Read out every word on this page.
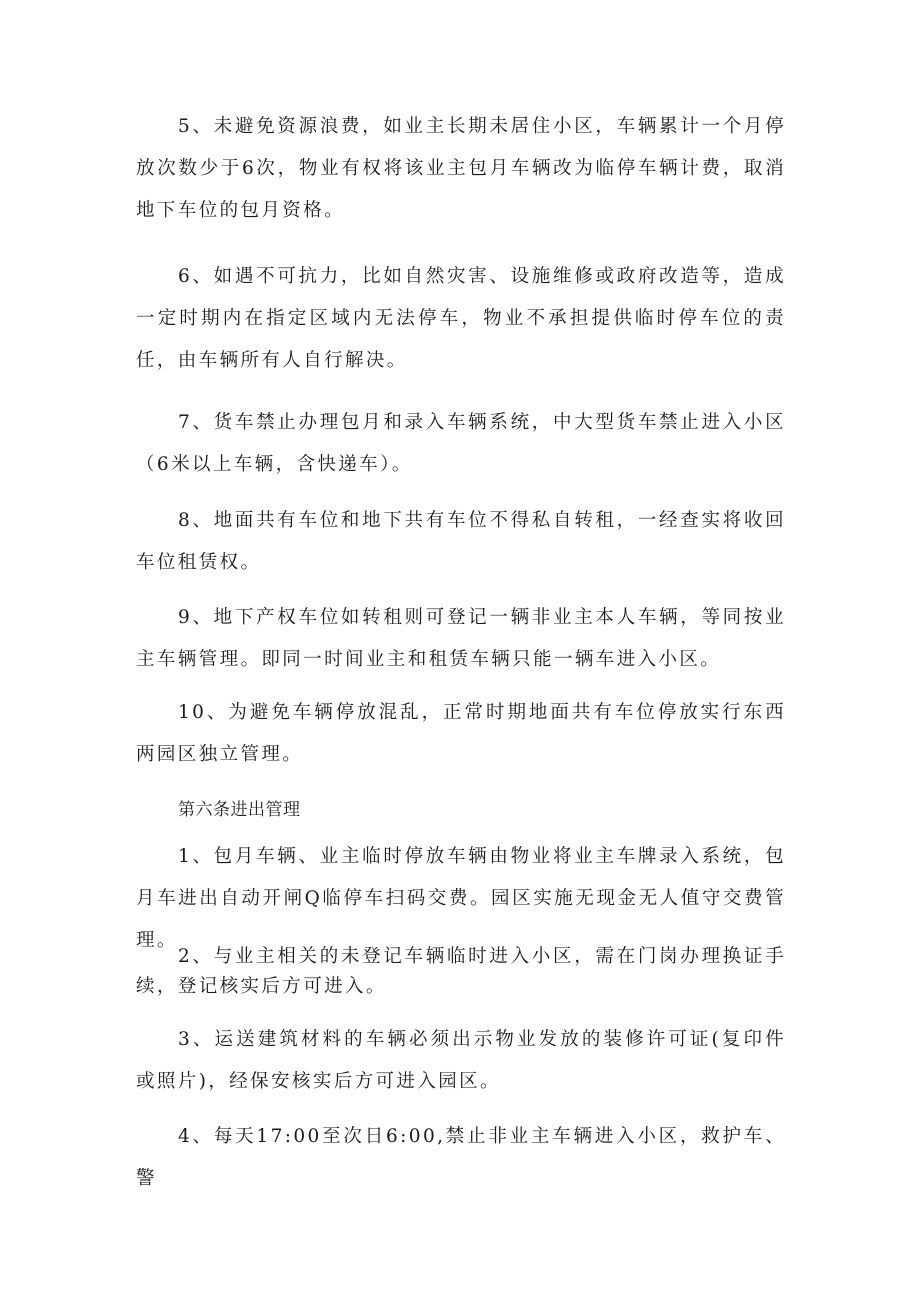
5、未避免资源浪费，如业主长期未居住小区，车辆累计一个月停放次数少于6次，物业有权将该业主包月车辆改为临停车辆计费，取消地下车位的包月资格。

6、如遇不可抗力，比如自然灾害、设施维修或政府改造等，造成一定时期内在指定区域内无法停车，物业不承担提供临时停车位的责任，由车辆所有人自行解决。

7、货车禁止办理包月和录入车辆系统，中大型货车禁止进入小区（6米以上车辆，含快递车）。

8、地面共有车位和地下共有车位不得私自转租，一经查实将收回车位租赁权。

9、地下产权车位如转租则可登记一辆非业主本人车辆，等同按业主车辆管理。即同一时间业主和租赁车辆只能一辆车进入小区。

10、为避免车辆停放混乱，正常时期地面共有车位停放实行东西两园区独立管理。

第六条进出管理

1、包月车辆、业主临时停放车辆由物业将业主车牌录入系统，包月车进出自动开闸Q临停车扫码交费。园区实施无现金无人值守交费管理。

2、与业主相关的未登记车辆临时进入小区，需在门岗办理换证手续，登记核实后方可进入。

3、运送建筑材料的车辆必须出示物业发放的装修许可证(复印件或照片)，经保安核实后方可进入园区。

4、每天17:00至次日6:00,禁止非业主车辆进入小区，救护车、警
